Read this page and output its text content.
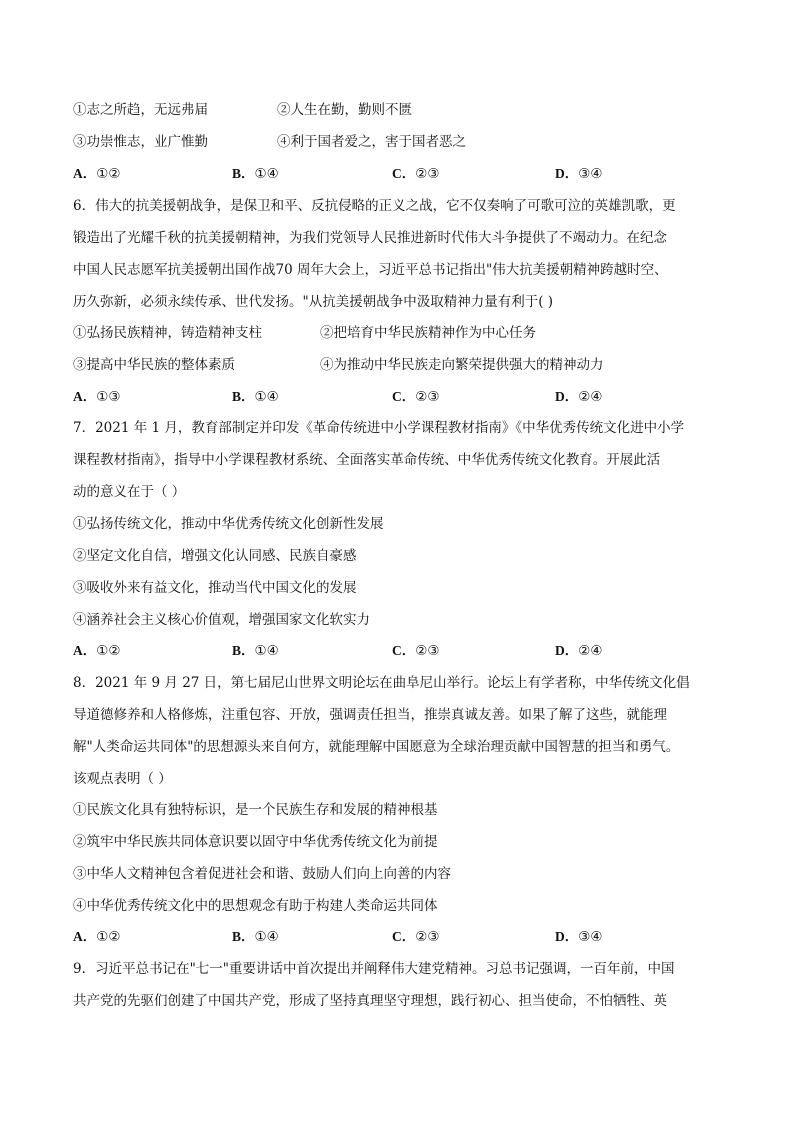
①志之所趋，无远弗届	②人生在勤，勤则不匮
③功崇惟志，业广惟勤	④利于国者爱之，害于国者恶之
A．①②	B．①④	C．②③	D．③④
6．伟大的抗美援朝战争，是保卫和平、反抗侵略的正义之战，它不仅奏响了可歌可泣的英雄凯歌，更
锻造出了光耀千秋的抗美援朝精神，为我们党领导人民推进新时代伟大斗争提供了不竭动力。在纪念
中国人民志愿军抗美援朝出国作战70 周年大会上，习近平总书记指出"伟大抗美援朝精神跨越时空、
历久弥新，必须永续传承、世代发扬。"从抗美援朝战争中汲取精神力量有利于( )
①弘扬民族精神，铸造精神支柱	②把培育中华民族精神作为中心任务
③提高中华民族的整体素质	④为推动中华民族走向繁荣提供强大的精神动力
A．①③	B．①④	C．②③	D．②④
7．2021 年 1 月，教育部制定并印发《革命传统进中小学课程教材指南》《中华优秀传统文化进中小学
课程教材指南》，指导中小学课程教材系统、全面落实革命传统、中华优秀传统文化教育。开展此活
动的意义在于（ ）
①弘扬传统文化，推动中华优秀传统文化创新性发展
②坚定文化自信，增强文化认同感、民族自豪感
③吸收外来有益文化，推动当代中国文化的发展
④涵养社会主义核心价值观，增强国家文化软实力
A．①②	B．①④	C．②③	D．②④
8．2021 年 9 月 27 日，第七届尼山世界文明论坛在曲阜尼山举行。论坛上有学者称，中华传统文化倡
导道德修养和人格修炼，注重包容、开放，强调责任担当，推崇真诚友善。如果了解了这些，就能理
解"人类命运共同体"的思想源头来自何方，就能理解中国愿意为全球治理贡献中国智慧的担当和勇气。
该观点表明（ ）
①民族文化具有独特标识，是一个民族生存和发展的精神根基
②筑牢中华民族共同体意识要以固守中华优秀传统文化为前提
③中华人文精神包含着促进社会和谐、鼓励人们向上向善的内容
④中华优秀传统文化中的思想观念有助于构建人类命运共同体
A．①②	B．①④	C．②③	D．③④
9．习近平总书记在"七一"重要讲话中首次提出并阐释伟大建党精神。习总书记强调，一百年前，中国
共产党的先驱们创建了中国共产党，形成了坚持真理坚守理想，践行初心、担当使命，不怕牺牲、英
